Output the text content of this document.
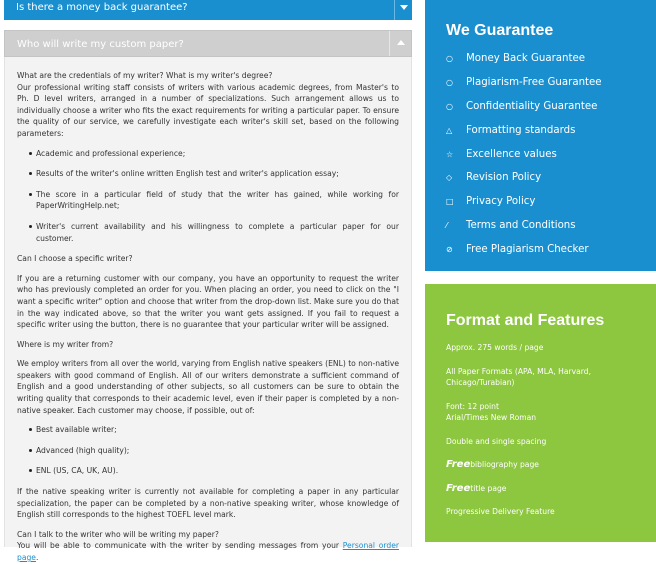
Is there a money back guarantee?
Who will write my custom paper?

What are the credentials of my writer? What is my writer's degree?

Our professional writing staff consists of writers with various academic degrees, from Master's to Ph. D level writers, arranged in a number of specializations. Such arrangement allows us to individually choose a writer who fits the exact requirements for writing a particular paper. To ensure the quality of our service, we carefully investigate each writer's skill set, based on the following parameters:

Academic and professional experience;
Results of the writer's online written English test and writer's application essay;
The score in a particular field of study that the writer has gained, while working for PaperWritingHelp.net;
Writer's current availability and his willingness to complete a particular paper for our customer.

Can I choose a specific writer?

If you are a returning customer with our company, you have an opportunity to request the writer who has previously completed an order for you. When placing an order, you need to click on the "I want a specific writer" option and choose that writer from the drop-down list. Make sure you do that in the way indicated above, so that the writer you want gets assigned. If you fail to request a specific writer using the button, there is no guarantee that your particular writer will be assigned.

Where is my writer from?

We employ writers from all over the world, varying from English native speakers (ENL) to non-native speakers with good command of English. All of our writers demonstrate a sufficient command of English and a good understanding of other subjects, so all customers can be sure to obtain the writing quality that corresponds to their academic level, even if their paper is completed by a non-native speaker. Each customer may choose, if possible, out of:

Best available writer;
Advanced (high quality);
ENL (US, CA, UK, AU).

If the native speaking writer is currently not available for completing a paper in any particular specialization, the paper can be completed by a non-native speaking writer, whose knowledge of English still corresponds to the highest TOEFL level mark.

Can I talk to the writer who will be writing my paper?

You will be able to communicate with the writer by sending messages from your Personal order page.

We Guarantee
○	Money Back Guarantee
○	Plagiarism-Free Guarantee
○	Confidentiality Guarantee
△	Formatting standards
☆	Excellence values
◇	Revision Policy
□	Privacy Policy
⁄	Terms and Conditions
⊘	Free Plagiarism Checker
Format and Features
Approx. 275 words / page
All Paper Formats (APA, MLA, Harvard, Chicago/Turabian)
Font: 12 point
Arial/Times New Roman
Double and single spacing
Freebibliography page
Freetitle page
Progressive Delivery Feature
